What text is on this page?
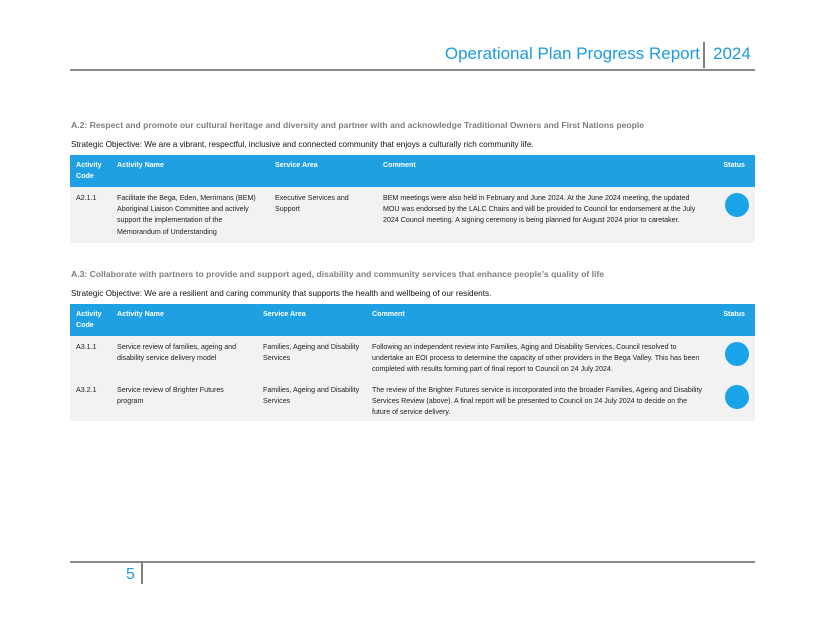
Operational Plan Progress Report 2024
A.2: Respect and promote our cultural heritage and diversity and partner with and acknowledge Traditional Owners and First Nations people
Strategic Objective: We are a vibrant, respectful, inclusive and connected community that enjoys a culturally rich community life.
Activity Code	Activity Name	Service Area	Comment	Status
A2.1.1	Facilitate the Bega, Eden, Merrimans (BEM) Aboriginal Liaison Committee and actively support the implementation of the Memorandum of Understanding	Executive Services and Support	BEM meetings were also held in February and June 2024. At the June 2024 meeting, the updated MOU was endorsed by the LALC Chairs and will be provided to Council for endorsement at the July 2024 Council meeting. A signing ceremony is being planned for August 2024 prior to caretaker.	
A.3: Collaborate with partners to provide and support aged, disability and community services that enhance people’s quality of life
Strategic Objective: We are a resilient and caring community that supports the health and wellbeing of our residents.
Activity Code	Activity Name	Service Area	Comment	Status
A3.1.1	Service review of families, ageing and disability service delivery model	Families, Ageing and Disability Services	Following an independent review into Families, Aging and Disability Services, Council resolved to undertake an EOI process to determine the capacity of other providers in the Bega Valley. This has been completed with results forming part of final report to Council on 24 July 2024.	

A3.2.1	Service review of Brighter Futures program	Families, Ageing and Disability Services	The review of the Brighter Futures service is incorporated into the broader Families, Ageing and Disability Services Review (above). A final report will be presented to Council on 24 July 2024 to decide on the future of service delivery.	
5
